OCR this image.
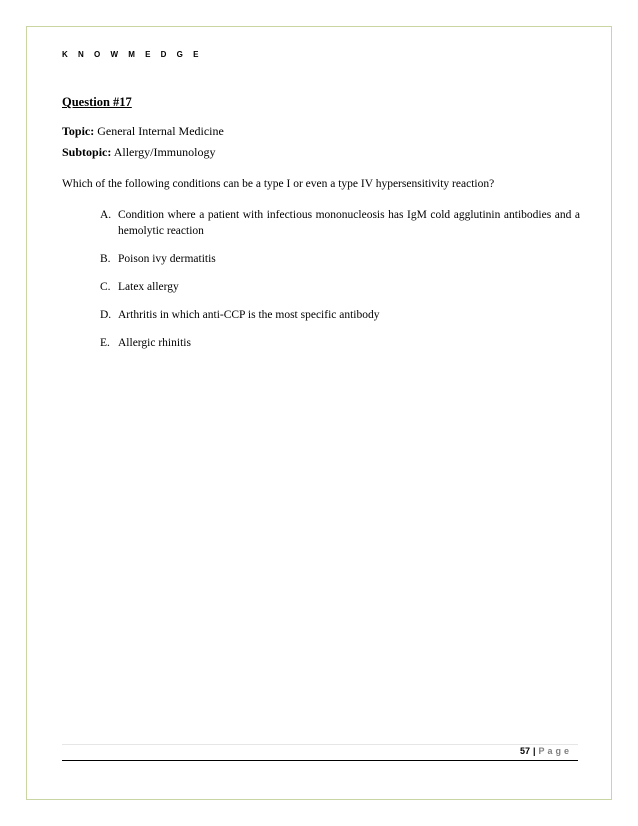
K N O W M E D G E
Question #17
Topic: General Internal Medicine
Subtopic: Allergy/Immunology
Which of the following conditions can be a type I or even a type IV hypersensitivity reaction?
A. Condition where a patient with infectious mononucleosis has IgM cold agglutinin antibodies and a hemolytic reaction
B. Poison ivy dermatitis
C. Latex allergy
D. Arthritis in which anti-CCP is the most specific antibody
E. Allergic rhinitis
57 | Page
